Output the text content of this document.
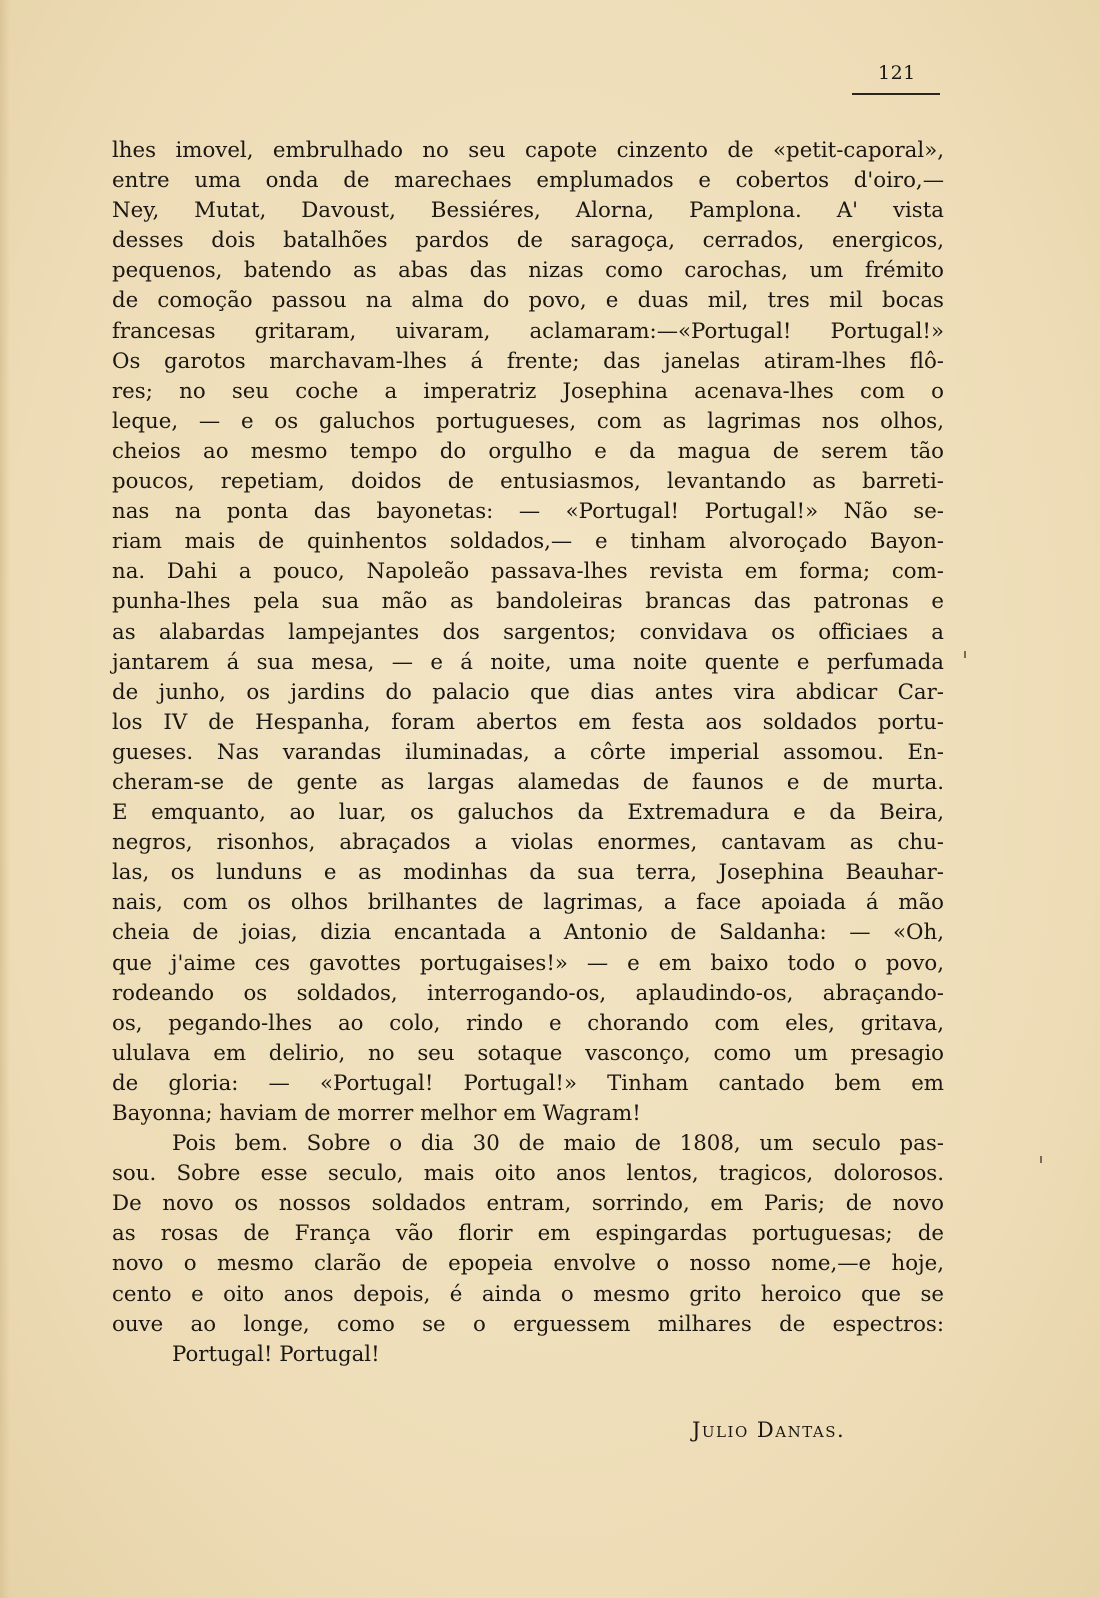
121
lhes imovel, embrulhado no seu capote cinzento de «petit-caporal»,
entre uma onda de marechaes emplumados e cobertos d'oiro,—
Ney, Mutat, Davoust, Bessiéres, Alorna, Pamplona. A' vista
desses dois batalhões pardos de saragoça, cerrados, energicos,
pequenos, batendo as abas das nizas como carochas, um frémito
de comoção passou na alma do povo, e duas mil, tres mil bocas
francesas gritaram, uivaram, aclamaram:—«Portugal! Portugal!»
Os garotos marchavam-lhes á frente; das janelas atiram-lhes flô-
res; no seu coche a imperatriz Josephina acenava-lhes com o
leque, — e os galuchos portugueses, com as lagrimas nos olhos,
cheios ao mesmo tempo do orgulho e da magua de serem tão
poucos, repetiam, doidos de entusiasmos, levantando as barreti-
nas na ponta das bayonetas: — «Portugal! Portugal!» Não se-
riam mais de quinhentos soldados,— e tinham alvoroçado Bayon-
na. Dahi a pouco, Napoleão passava-lhes revista em forma; com-
punha-lhes pela sua mão as bandoleiras brancas das patronas e
as alabardas lampejantes dos sargentos; convidava os officiaes a
jantarem á sua mesa, — e á noite, uma noite quente e perfumada
de junho, os jardins do palacio que dias antes vira abdicar Car-
los IV de Hespanha, foram abertos em festa aos soldados portu-
gueses. Nas varandas iluminadas, a côrte imperial assomou. En-
cheram-se de gente as largas alamedas de faunos e de murta.
E emquanto, ao luar, os galuchos da Extremadura e da Beira,
negros, risonhos, abraçados a violas enormes, cantavam as chu-
las, os lunduns e as modinhas da sua terra, Josephina Beauhar-
nais, com os olhos brilhantes de lagrimas, a face apoiada á mão
cheia de joias, dizia encantada a Antonio de Saldanha: — «Oh,
que j'aime ces gavottes portugaises!» — e em baixo todo o povo,
rodeando os soldados, interrogando-os, aplaudindo-os, abraçando-
os, pegando-lhes ao colo, rindo e chorando com eles, gritava,
ululava em delirio, no seu sotaque vasconço, como um presagio
de gloria: — «Portugal! Portugal!» Tinham cantado bem em
Bayonna; haviam de morrer melhor em Wagram!
Pois bem. Sobre o dia 30 de maio de 1808, um seculo pas-
sou. Sobre esse seculo, mais oito anos lentos, tragicos, dolorosos.
De novo os nossos soldados entram, sorrindo, em Paris; de novo
as rosas de França vão florir em espingardas portuguesas; de
novo o mesmo clarão de epopeia envolve o nosso nome,—e hoje,
cento e oito anos depois, é ainda o mesmo grito heroico que se
ouve ao longe, como se o erguessem milhares de espectros:
Portugal! Portugal!
Julio Dantas.
